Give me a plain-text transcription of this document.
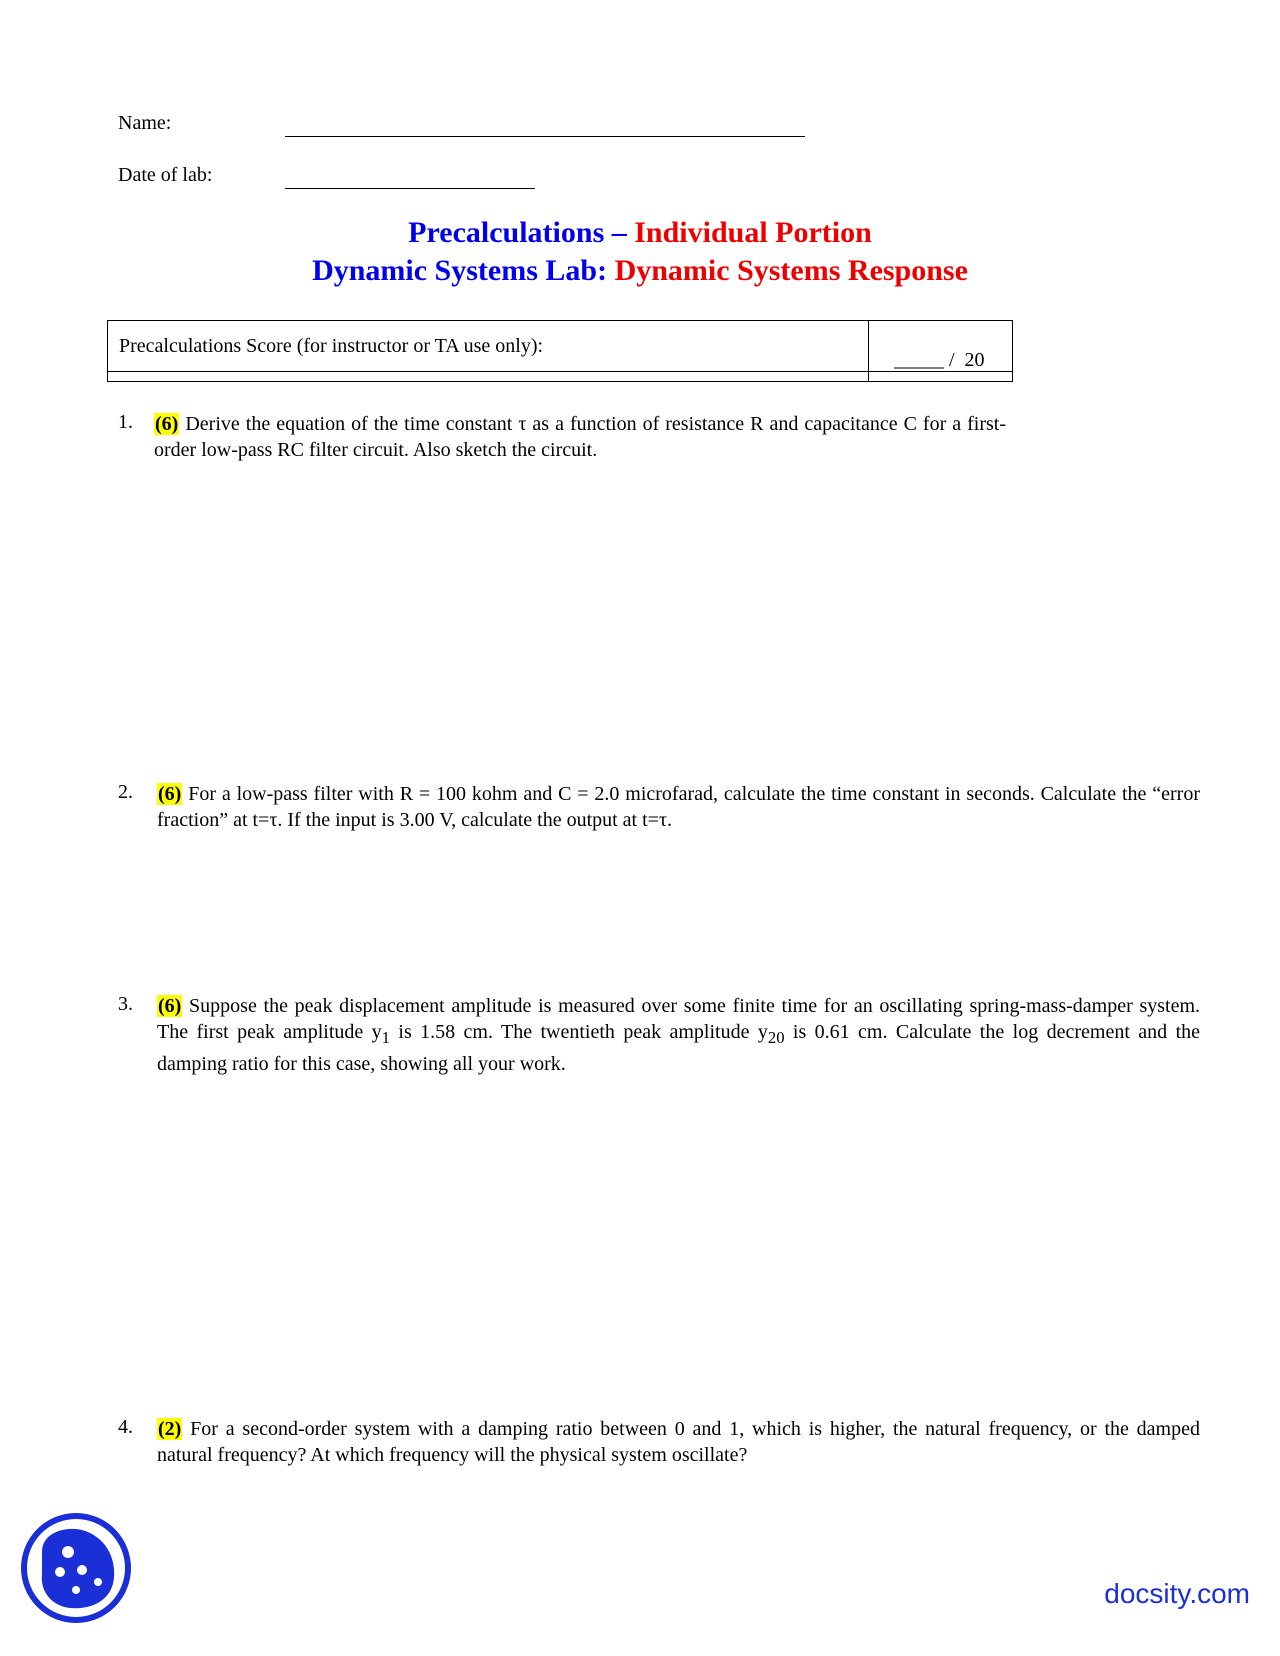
Name:
Date of lab:
Precalculations – Individual Portion
Dynamic Systems Lab: Dynamic Systems Response
Precalculations Score (for instructor or TA use only):
_____ /  20
1. (6) Derive the equation of the time constant τ as a function of resistance R and capacitance C for a first-order low-pass RC filter circuit. Also sketch the circuit.
2. (6) For a low-pass filter with R = 100 kohm and C = 2.0 microfarad, calculate the time constant in seconds. Calculate the “error fraction” at t=τ. If the input is 3.00 V, calculate the output at t=τ.
3. (6) Suppose the peak displacement amplitude is measured over some finite time for an oscillating spring-mass-damper system. The first peak amplitude $y_1$ is 1.58 cm. The twentieth peak amplitude $y_{20}$ is 0.61 cm. Calculate the log decrement and the damping ratio for this case, showing all your work.
4. (2) For a second-order system with a damping ratio between 0 and 1, which is higher, the natural frequency, or the damped natural frequency? At which frequency will the physical system oscillate?
docsity.com
